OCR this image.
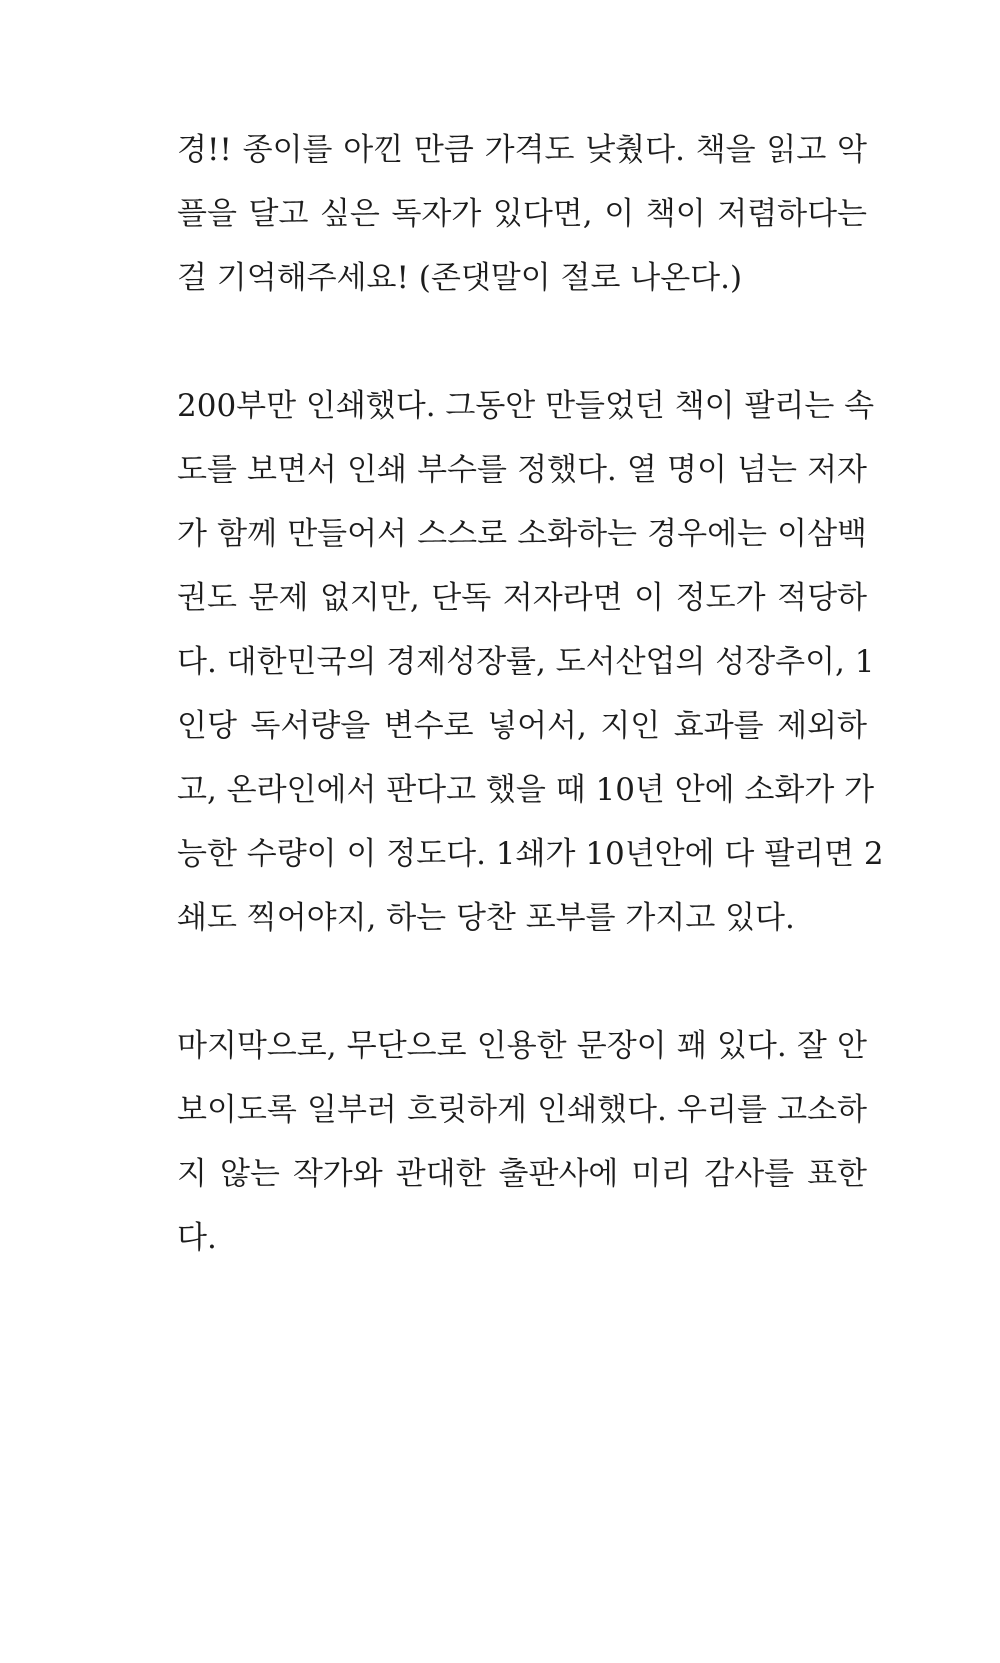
경!! 종이를 아낀 만큼 가격도 낮췄다. 책을 읽고 악
플을 달고 싶은 독자가 있다면, 이 책이 저렴하다는
걸 기억해주세요! (존댓말이 절로 나온다.)

200부만 인쇄했다. 그동안 만들었던 책이 팔리는 속
도를 보면서 인쇄 부수를 정했다. 열 명이 넘는 저자
가 함께 만들어서 스스로 소화하는 경우에는 이삼백
권도 문제 없지만, 단독 저자라면 이 정도가 적당하
다. 대한민국의 경제성장률, 도서산업의 성장추이, 1
인당 독서량을 변수로 넣어서, 지인 효과를 제외하
고, 온라인에서 판다고 했을 때 10년 안에 소화가 가
능한 수량이 이 정도다. 1쇄가 10년안에 다 팔리면 2
쇄도 찍어야지, 하는 당찬 포부를 가지고 있다.

마지막으로, 무단으로 인용한 문장이 꽤 있다. 잘 안
보이도록 일부러 흐릿하게 인쇄했다. 우리를 고소하
지 않는 작가와 관대한 출판사에 미리 감사를 표한
다.
